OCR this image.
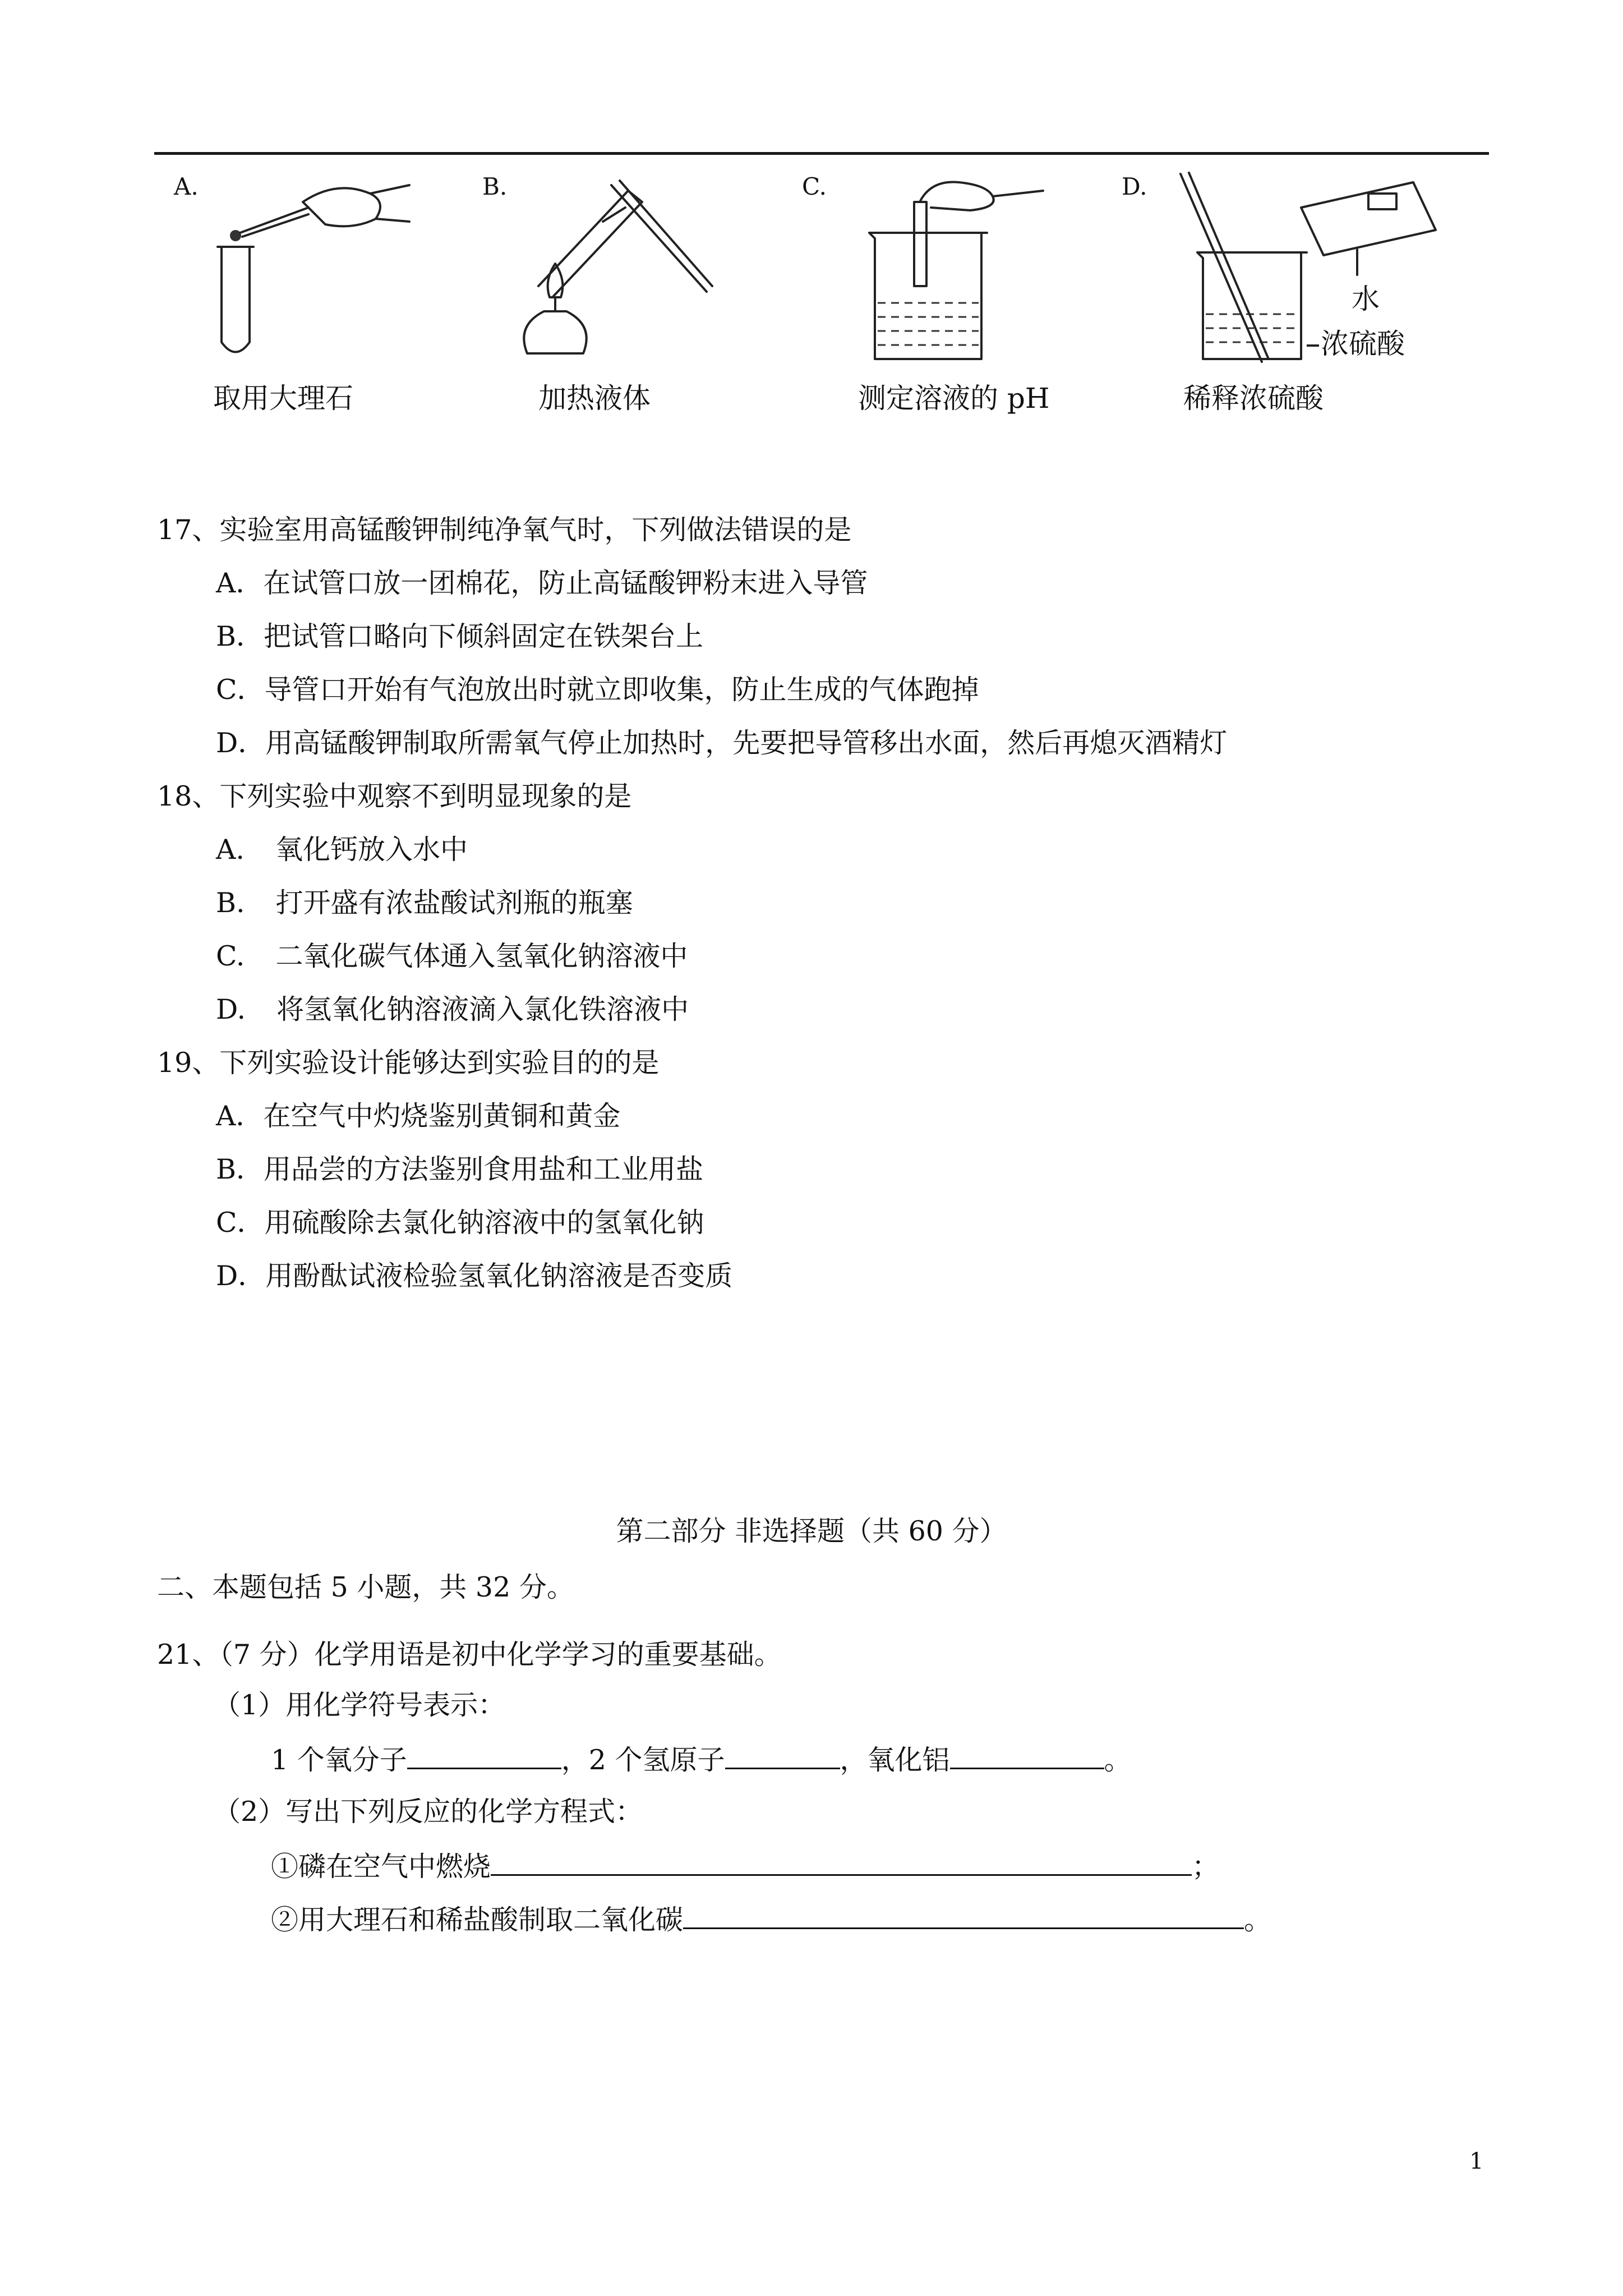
A.
取用大理石
B.
加热液体
C.
测定溶液的 pH
D.
水
浓硫酸
稀释浓硫酸
17、实验室用高锰酸钾制纯净氧气时，下列做法错误的是
A．在试管口放一团棉花，防止高锰酸钾粉末进入导管
B．把试管口略向下倾斜固定在铁架台上
C．导管口开始有气泡放出时就立即收集，防止生成的气体跑掉
D．用高锰酸钾制取所需氧气停止加热时，先要把导管移出水面，然后再熄灭酒精灯
18、下列实验中观察不到明显现象的是
A. 氧化钙放入水中
B. 打开盛有浓盐酸试剂瓶的瓶塞
C. 二氧化碳气体通入氢氧化钠溶液中
D. 将氢氧化钠溶液滴入氯化铁溶液中
19、下列实验设计能够达到实验目的的是
A．在空气中灼烧鉴别黄铜和黄金
B．用品尝的方法鉴别食用盐和工业用盐
C．用硫酸除去氯化钠溶液中的氢氧化钠
D．用酚酞试液检验氢氧化钠溶液是否变质
第二部分 非选择题（共 60 分）
二、本题包括 5 小题，共 32 分。
21、（7 分）化学用语是初中化学学习的重要基础。
（1）用化学符号表示：
1 个氧分子	，2 个氢原子	，氧化铝	。
（2）写出下列反应的化学方程式：
①磷在空气中燃烧	；
②用大理石和稀盐酸制取二氧化碳	。
1
